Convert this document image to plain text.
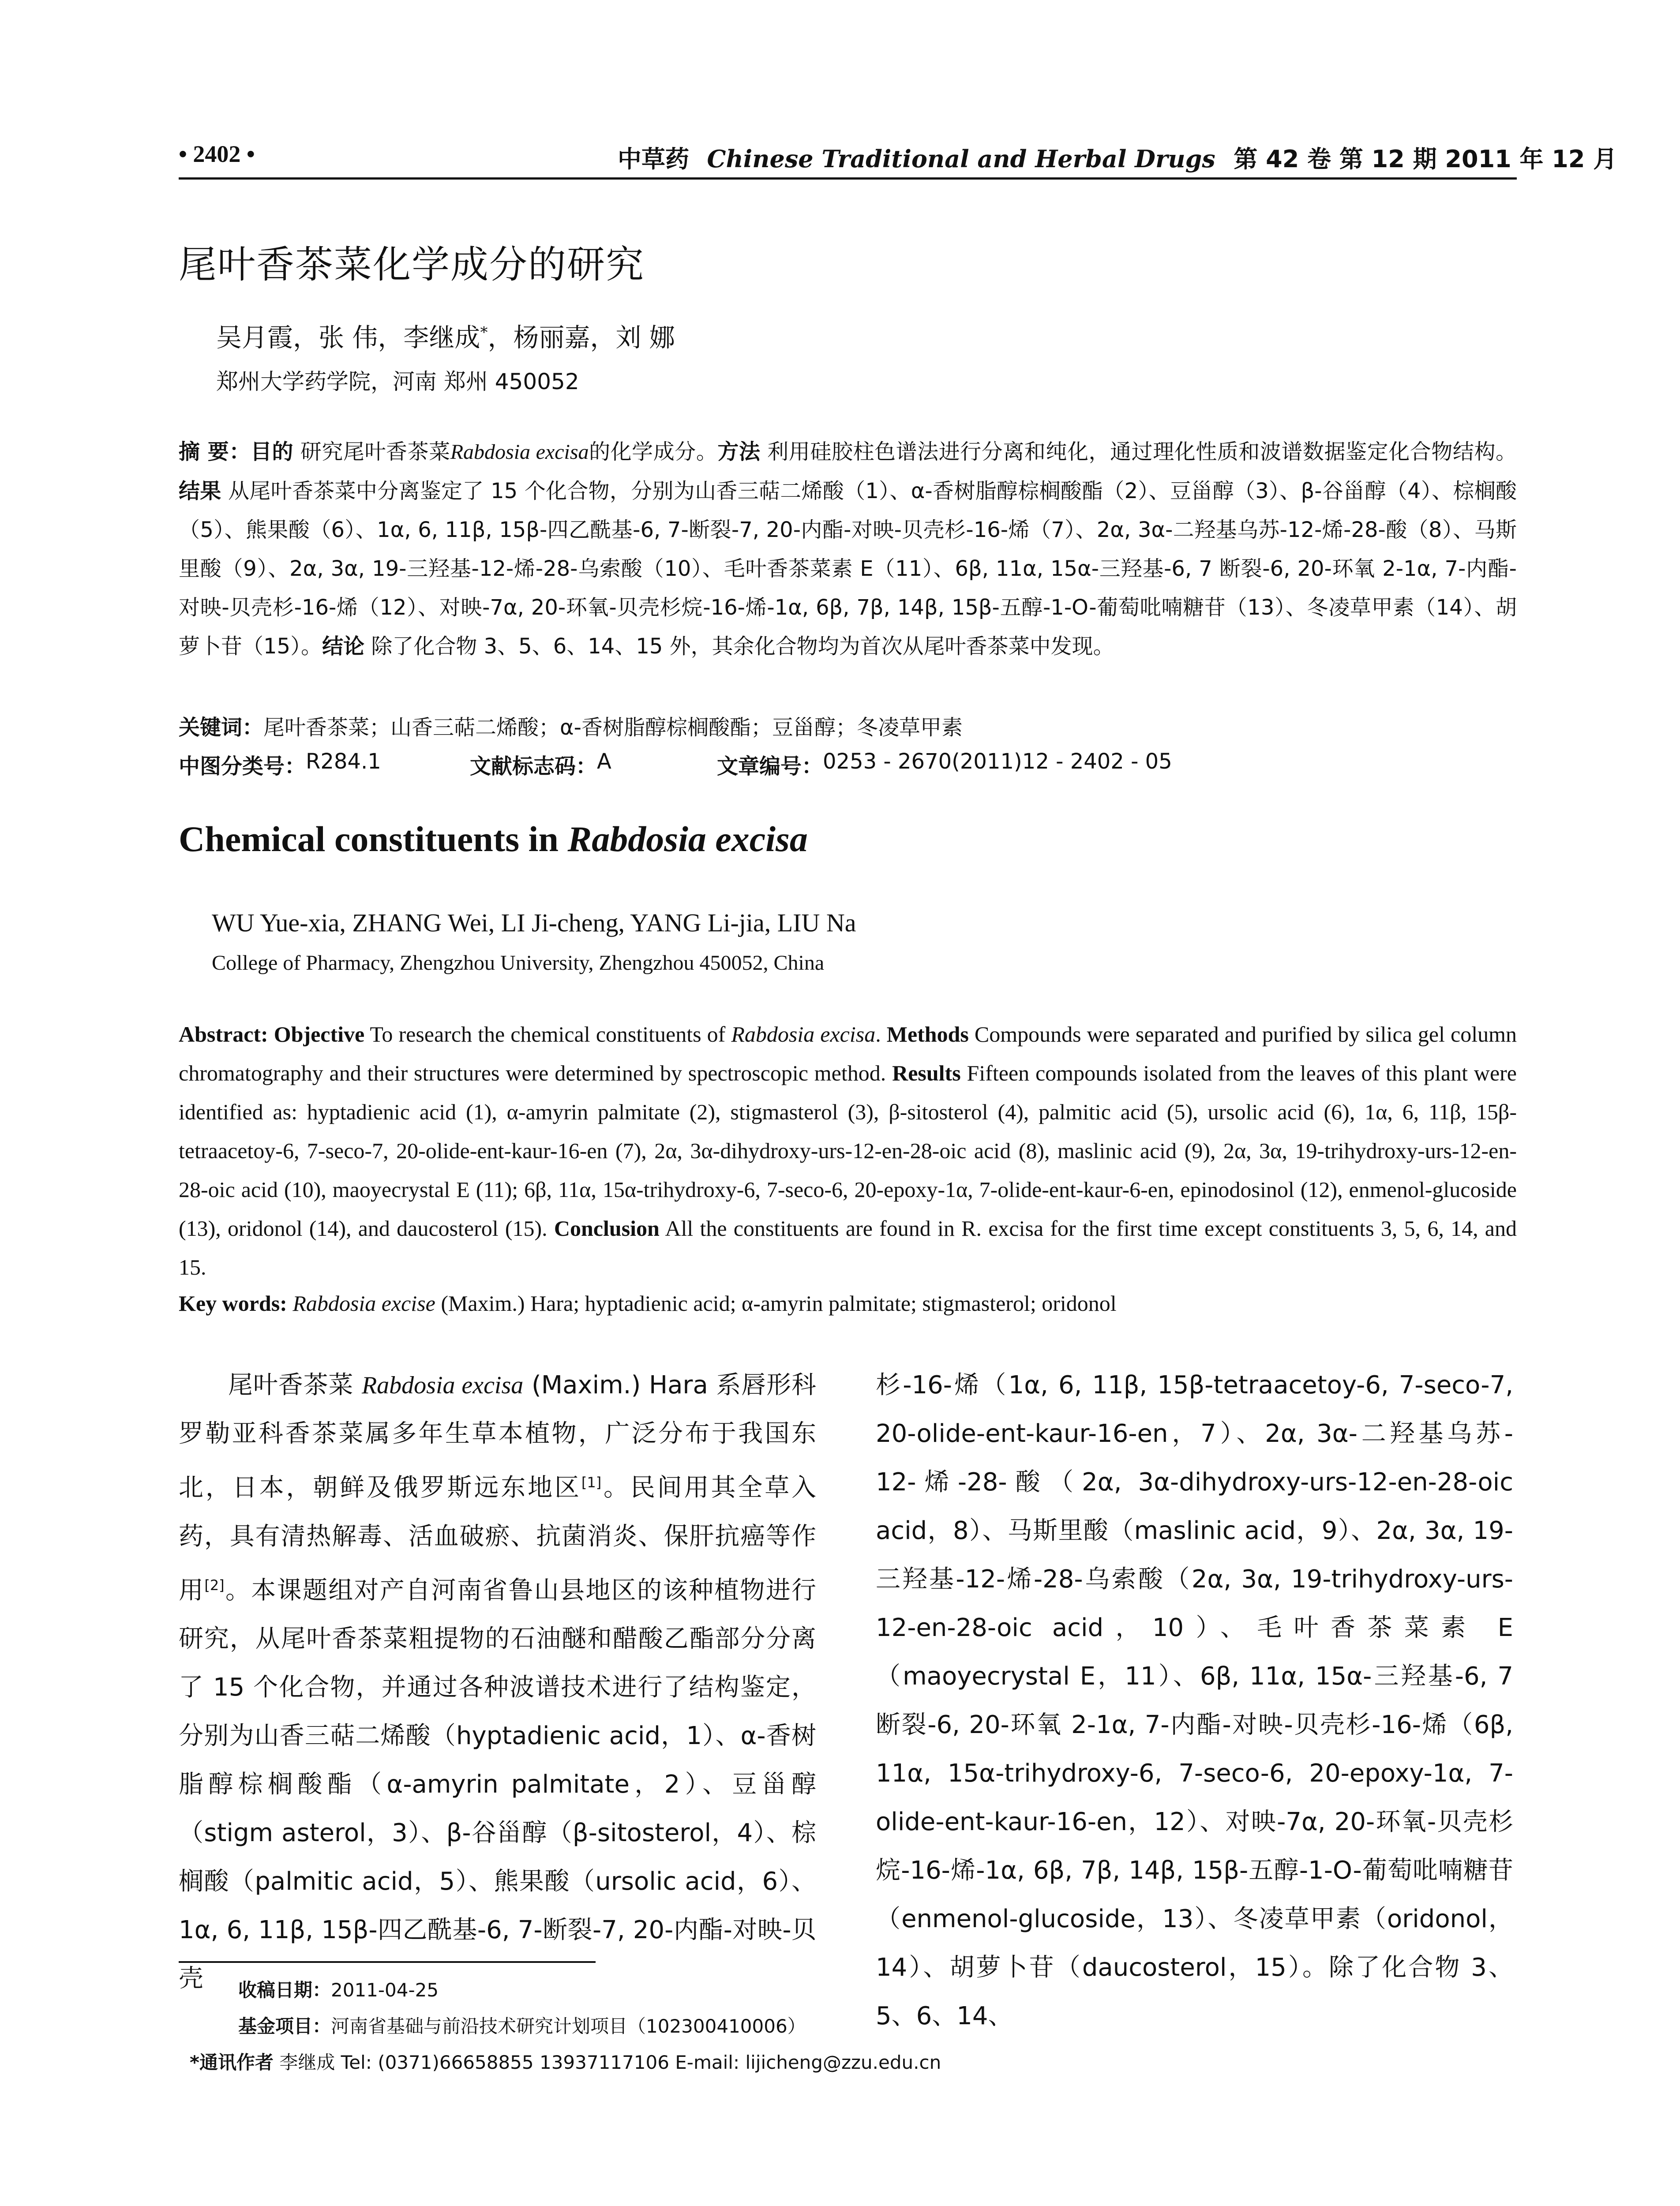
• 2402 •	中草药 Chinese Traditional and Herbal Drugs 第 42 卷 第 12 期 2011 年 12 月
尾叶香茶菜化学成分的研究
吴月霞，张 伟，李继成*，杨丽嘉，刘 娜
郑州大学药学院，河南 郑州 450052
摘 要：目的 研究尾叶香茶菜Rabdosia excisa的化学成分。方法 利用硅胶柱色谱法进行分离和纯化，通过理化性质和波谱数据鉴定化合物结构。结果 从尾叶香茶菜中分离鉴定了 15 个化合物，分别为山香三萜二烯酸（1）、α-香树脂醇棕榈酸酯（2）、豆甾醇（3）、β-谷甾醇（4）、棕榈酸（5）、熊果酸（6）、1α, 6, 11β, 15β-四乙酰基-6, 7-断裂-7, 20-内酯-对映-贝壳杉-16-烯（7）、2α, 3α-二羟基乌苏-12-烯-28-酸（8）、马斯里酸（9）、2α, 3α, 19-三羟基-12-烯-28-乌索酸（10）、毛叶香茶菜素 E（11）、6β, 11α, 15α-三羟基-6, 7 断裂-6, 20-环氧 2-1α, 7-内酯-对映-贝壳杉-16-烯（12）、对映-7α, 20-环氧-贝壳杉烷-16-烯-1α, 6β, 7β, 14β, 15β-五醇-1-O-葡萄吡喃糖苷（13）、冬凌草甲素（14）、胡萝卜苷（15）。结论 除了化合物 3、5、6、14、15 外，其余化合物均为首次从尾叶香茶菜中发现。
关键词：尾叶香茶菜；山香三萜二烯酸；α-香树脂醇棕榈酸酯；豆甾醇；冬凌草甲素
中图分类号： R284.1	文献标志码： A	文章编号： 0253 - 2670(2011)12 - 2402 - 05
Chemical constituents in Rabdosia excisa
WU Yue-xia, ZHANG Wei, LI Ji-cheng, YANG Li-jia, LIU Na
College of Pharmacy, Zhengzhou University, Zhengzhou 450052, China
Abstract: Objective To research the chemical constituents of Rabdosia excisa. Methods Compounds were separated and purified by silica gel column chromatography and their structures were determined by spectroscopic method. Results Fifteen compounds isolated from the leaves of this plant were identified as: hyptadienic acid (1), α-amyrin palmitate (2), stigmasterol (3), β-sitosterol (4), palmitic acid (5), ursolic acid (6), 1α, 6, 11β, 15β-tetraacetoy-6, 7-seco-7, 20-olide-ent-kaur-16-en (7), 2α, 3α-dihydroxy-urs-12-en-28-oic acid (8), maslinic acid (9), 2α, 3α, 19-trihydroxy-urs-12-en-28-oic acid (10), maoyecrystal E (11); 6β, 11α, 15α-trihydroxy-6, 7-seco-6, 20-epoxy-1α, 7-olide-ent-kaur-6-en, epinodosinol (12), enmenol-glucoside (13), oridonol (14), and daucosterol (15). Conclusion All the constituents are found in R. excisa for the first time except constituents 3, 5, 6, 14, and 15.
Key words: Rabdosia excise (Maxim.) Hara; hyptadienic acid; α-amyrin palmitate; stigmasterol; oridonol
尾叶香茶菜 Rabdosia excisa (Maxim.) Hara 系唇形科罗勒亚科香茶菜属多年生草本植物，广泛分布于我国东北，日本，朝鲜及俄罗斯远东地区[1]。民间用其全草入药，具有清热解毒、活血破瘀、抗菌消炎、保肝抗癌等作用[2]。本课题组对产自河南省鲁山县地区的该种植物进行研究，从尾叶香茶菜粗提物的石油醚和醋酸乙酯部分分离了 15 个化合物，并通过各种波谱技术进行了结构鉴定，分别为山香三萜二烯酸（hyptadienic acid，1）、α-香树脂醇棕榈酸酯（α-amyrin palmitate，2）、豆甾醇（stigm asterol，3）、β-谷甾醇（β-sitosterol，4）、棕榈酸（palmitic acid，5）、熊果酸（ursolic acid，6）、1α, 6, 11β, 15β-四乙酰基-6, 7-断裂-7, 20-内酯-对映-贝壳
杉-16-烯（1α, 6, 11β, 15β-tetraacetoy-6, 7-seco-7, 20-olide-ent-kaur-16-en，7）、2α, 3α-二羟基乌苏- 12-烯-28-酸（2α, 3α-dihydroxy-urs-12-en-28-oic acid，8）、马斯里酸（maslinic acid，9）、2α, 3α, 19-三羟基-12-烯-28-乌索酸（2α, 3α, 19-trihydroxy-urs-12-en-28-oic acid，10）、毛叶香茶菜素 E（maoyecrystal E，11）、6β, 11α, 15α-三羟基-6, 7 断裂-6, 20-环氧 2-1α, 7-内酯-对映-贝壳杉-16-烯（6β, 11α, 15α-trihydroxy-6, 7-seco-6, 20-epoxy-1α, 7-olide-ent-kaur-16-en，12）、对映-7α, 20-环氧-贝壳杉烷-16-烯-1α, 6β, 7β, 14β, 15β-五醇-1-O-葡萄吡喃糖苷（enmenol-glucoside，13）、冬凌草甲素（oridonol，14）、胡萝卜苷（daucosterol，15）。除了化合物 3、5、6、14、
收稿日期：2011-04-25
基金项目：河南省基础与前沿技术研究计划项目（102300410006）
*通讯作者 李继成 Tel: (0371)66658855 13937117106 E-mail: lijicheng@zzu.edu.cn
